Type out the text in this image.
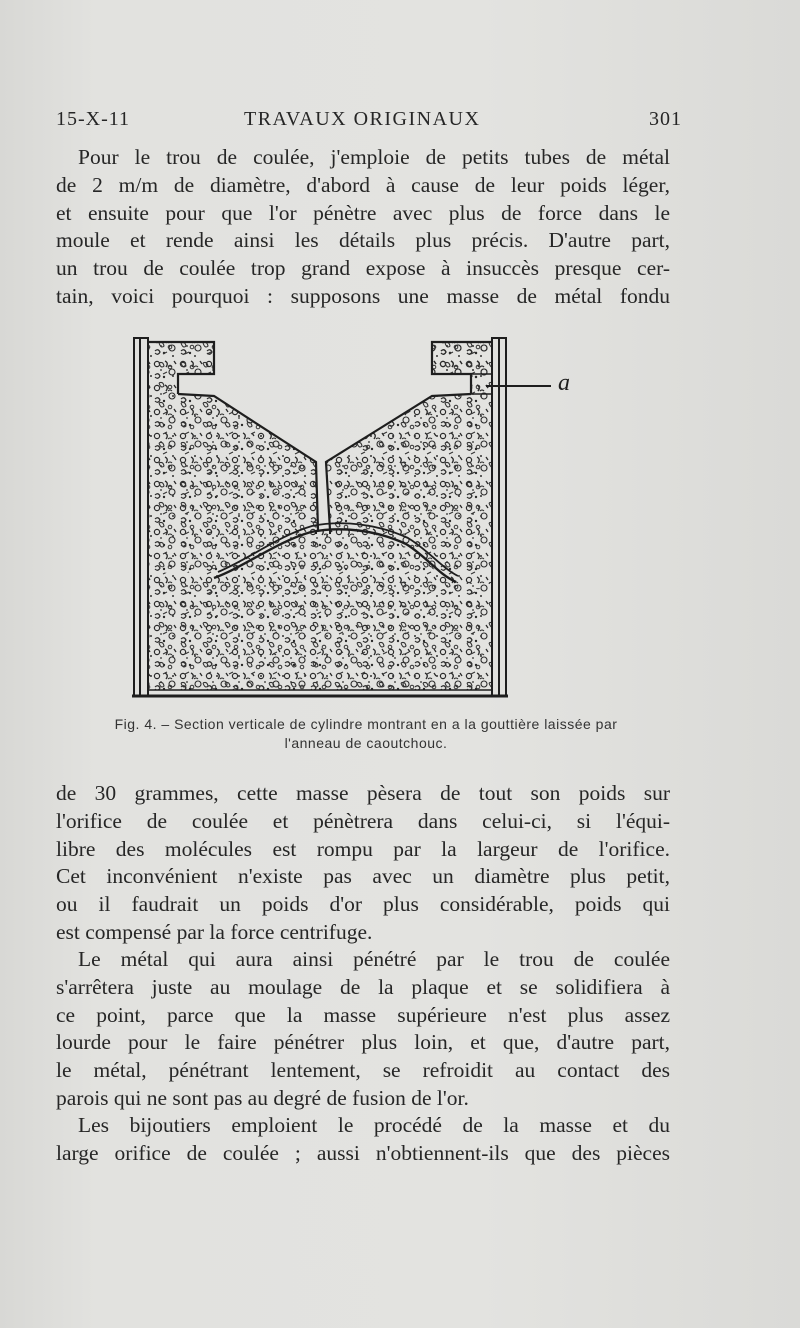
15-X-11	TRAVAUX ORIGINAUX	301
Pour le trou de coulée, j'emploie de petits tubes de métal
de 2 m/m de diamètre, d'abord à cause de leur poids léger,
et ensuite pour que l'or pénètre avec plus de force dans le
moule et rende ainsi les détails plus précis. D'autre part,
un trou de coulée trop grand expose à insuccès presque cer-
tain, voici pourquoi : supposons une masse de métal fondu
a
Fig. 4. – Section verticale de cylindre montrant en a la gouttière laissée par
l'anneau de caoutchouc.
de 30 grammes, cette masse pèsera de tout son poids sur
l'orifice de coulée et pénètrera dans celui-ci, si l'équi-
libre des molécules est rompu par la largeur de l'orifice.
Cet inconvénient n'existe pas avec un diamètre plus petit,
ou il faudrait un poids d'or plus considérable, poids qui
est compensé par la force centrifuge.
Le métal qui aura ainsi pénétré par le trou de coulée
s'arrêtera juste au moulage de la plaque et se solidifiera à
ce point, parce que la masse supérieure n'est plus assez
lourde pour le faire pénétrer plus loin, et que, d'autre part,
le métal, pénétrant lentement, se refroidit au contact des
parois qui ne sont pas au degré de fusion de l'or.
Les bijoutiers emploient le procédé de la masse et du
large orifice de coulée ; aussi n'obtiennent-ils que des pièces
